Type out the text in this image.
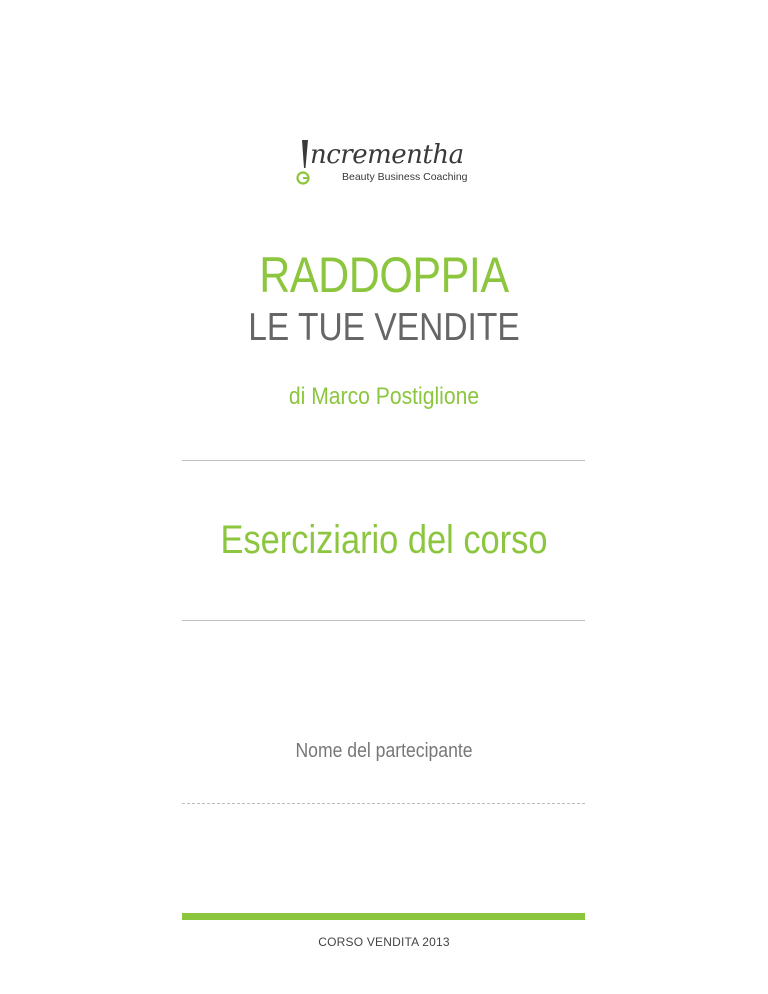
ncrementha
Beauty Business Coaching
RADDOPPIA
LE TUE VENDITE
di Marco Postiglione
Eserciziario del corso
Nome del partecipante
CORSO VENDITA 2013
